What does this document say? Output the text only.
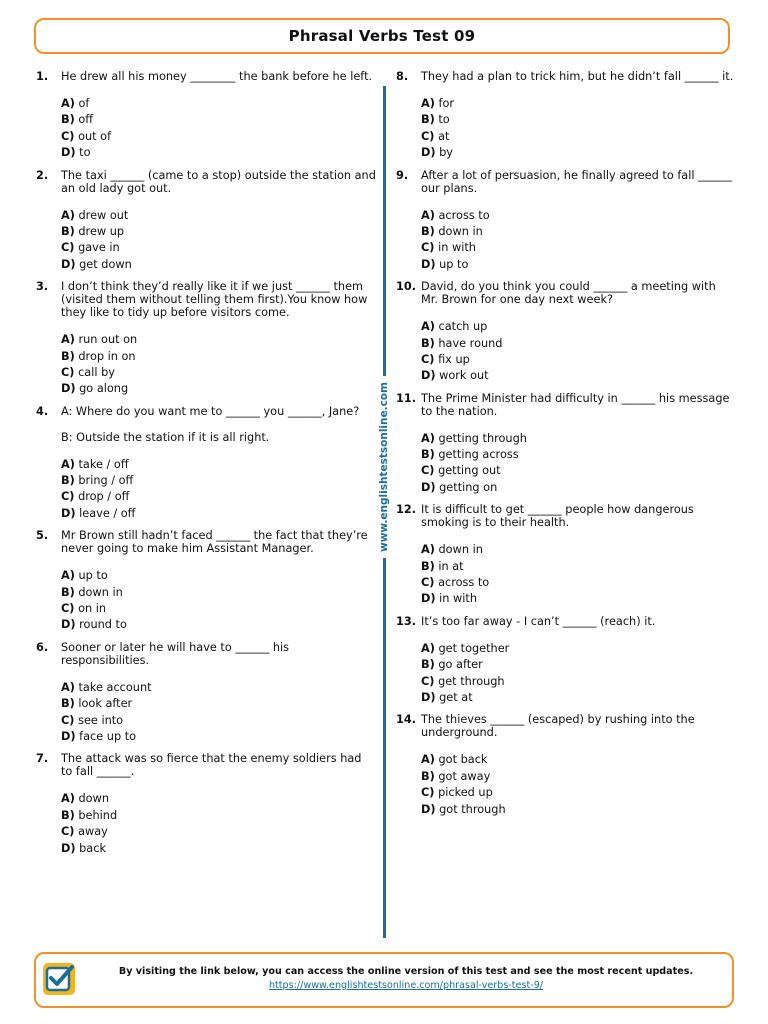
Phrasal Verbs Test 09
1. He drew all his money ________ the bank before he left.

A) of
B) off
C) out of
D) to
2. The taxi ______ (came to a stop) outside the station and an old lady got out.

A) drew out
B) drew up
C) gave in
D) get down
3. I don’t think they’d really like it if we just ______ them (visited them without telling them first).You know how they like to tidy up before visitors come.

A) run out on
B) drop in on
C) call by
D) go along
4. A: Where do you want me to ______ you ______, Jane?

B: Outside the station if it is all right.

A) take / off
B) bring / off
C) drop / off
D) leave / off
5. Mr Brown still hadn’t faced ______ the fact that they’re never going to make him Assistant Manager.

A) up to
B) down in
C) on in
D) round to
6. Sooner or later he will have to ______ his responsibilities.

A) take account
B) look after
C) see into
D) face up to
7. The attack was so fierce that the enemy soldiers had to fall ______.

A) down
B) behind
C) away
D) back
8. They had a plan to trick him, but he didn’t fall ______ it.

A) for
B) to
C) at
D) by
9. After a lot of persuasion, he finally agreed to fall ______ our plans.

A) across to
B) down in
C) in with
D) up to
10. David, do you think you could ______ a meeting with Mr. Brown for one day next week?

A) catch up
B) have round
C) fix up
D) work out
11. The Prime Minister had difficulty in ______ his message to the nation.

A) getting through
B) getting across
C) getting out
D) getting on
12. It is difficult to get ______ people how dangerous smoking is to their health.

A) down in
B) in at
C) across to
D) in with
13. It’s too far away - I can’t ______ (reach) it.

A) get together
B) go after
C) get through
D) get at
14. The thieves ______ (escaped) by rushing into the underground.

A) got back
B) got away
C) picked up
D) got through
www.englishtestsonline.com
By visiting the link below, you can access the online version of this test and see the most recent updates.
https://www.englishtestsonline.com/phrasal-verbs-test-9/
